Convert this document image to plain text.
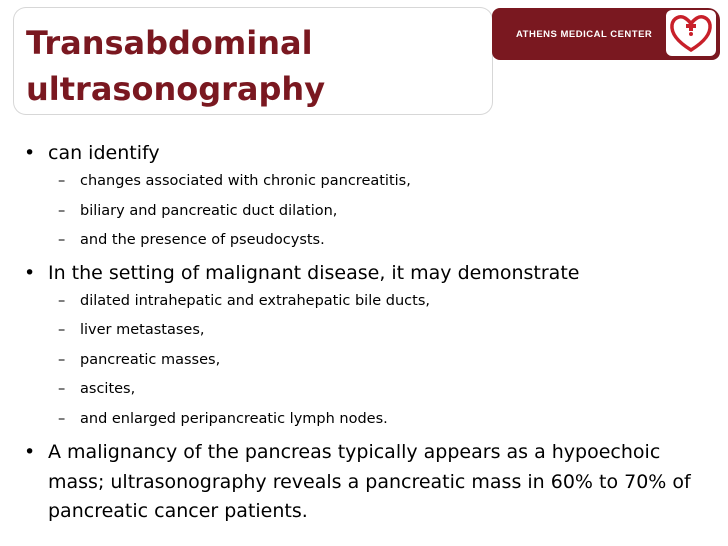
Transabdominal
ultrasonography
ATHENS MEDICAL CENTER

• can identify

– changes associated with chronic pancreatitis,

– biliary and pancreatic duct dilation,

– and the presence of pseudocysts.

• In the setting of malignant disease, it may demonstrate

– dilated intrahepatic and extrahepatic bile ducts,

– liver metastases,

– pancreatic masses,

– ascites,

– and enlarged peripancreatic lymph nodes.

• A malignancy of the pancreas typically appears as a hypoechoic
mass; ultrasonography reveals a pancreatic mass in 60% to 70% of
pancreatic cancer patients.
